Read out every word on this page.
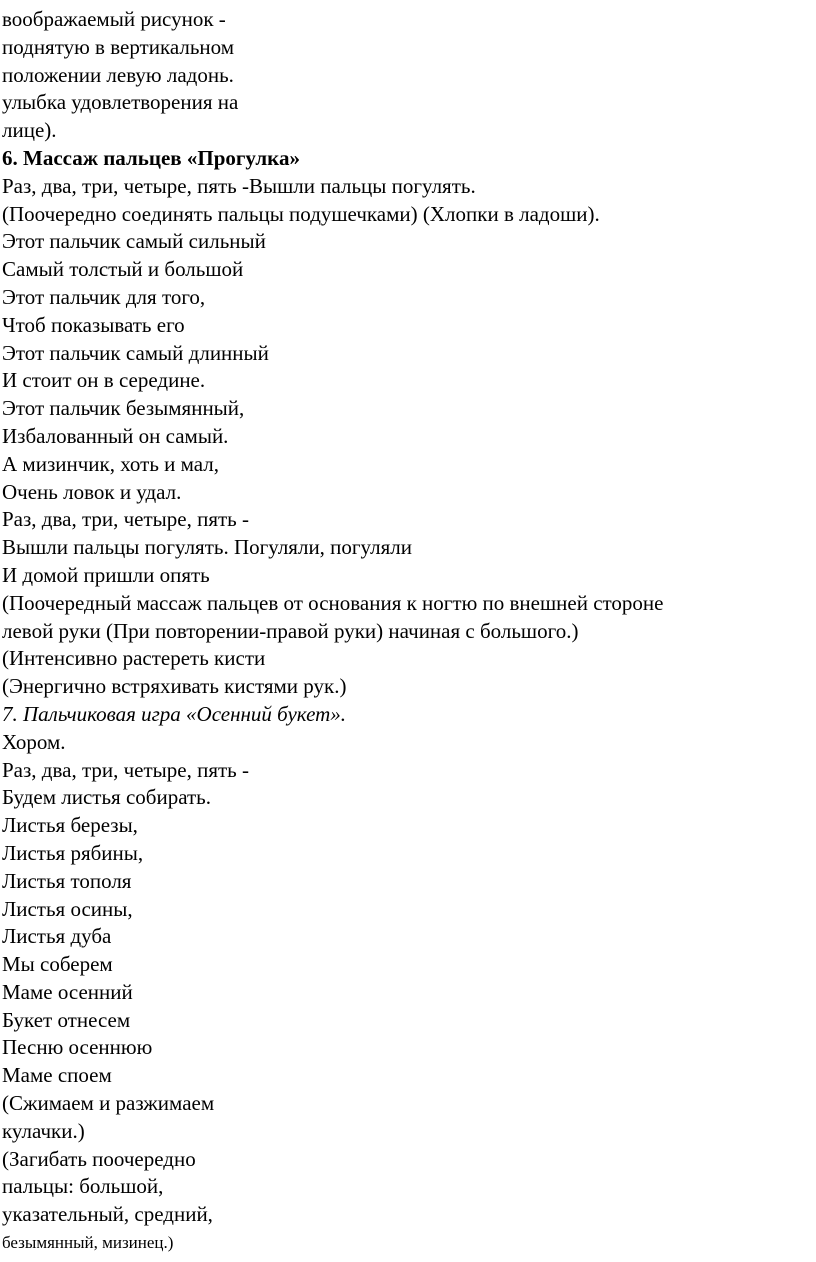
воображаемый рисунок -
поднятую в вертикальном
положении левую ладонь.
улыбка удовлетворения на
лице).
6. Массаж пальцев «Прогулка»
Раз, два, три, четыре, пять -Вышли пальцы погулять.
(Поочередно соединять пальцы подушечками) (Хлопки в ладоши).
Этот пальчик самый сильный
Самый толстый и большой
Этот пальчик для того,
Чтоб показывать его
Этот пальчик самый длинный
И стоит он в середине.
Этот пальчик безымянный,
Избалованный он самый.
А мизинчик, хоть и мал,
Очень ловок и удал.
Раз, два, три, четыре, пять -
Вышли пальцы погулять. Погуляли, погуляли
И домой пришли опять
(Поочередный массаж пальцев от основания к ногтю по внешней стороне
левой руки (При повторении-правой руки) начиная с большого.)
(Интенсивно растереть кисти
(Энергично встряхивать кистями рук.)
7. Пальчиковая игра «Осенний букет».
Хором.
Раз, два, три, четыре, пять -
Будем листья собирать.
Листья березы,
Листья рябины,
Листья тополя
Листья осины,
Листья дуба
Мы соберем
Маме осенний
Букет отнесем
Песню осеннюю
Маме споем
(Сжимаем и разжимаем
кулачки.)
(Загибать поочередно
пальцы: большой,
указательный, средний,
безымянный, мизинец.)
